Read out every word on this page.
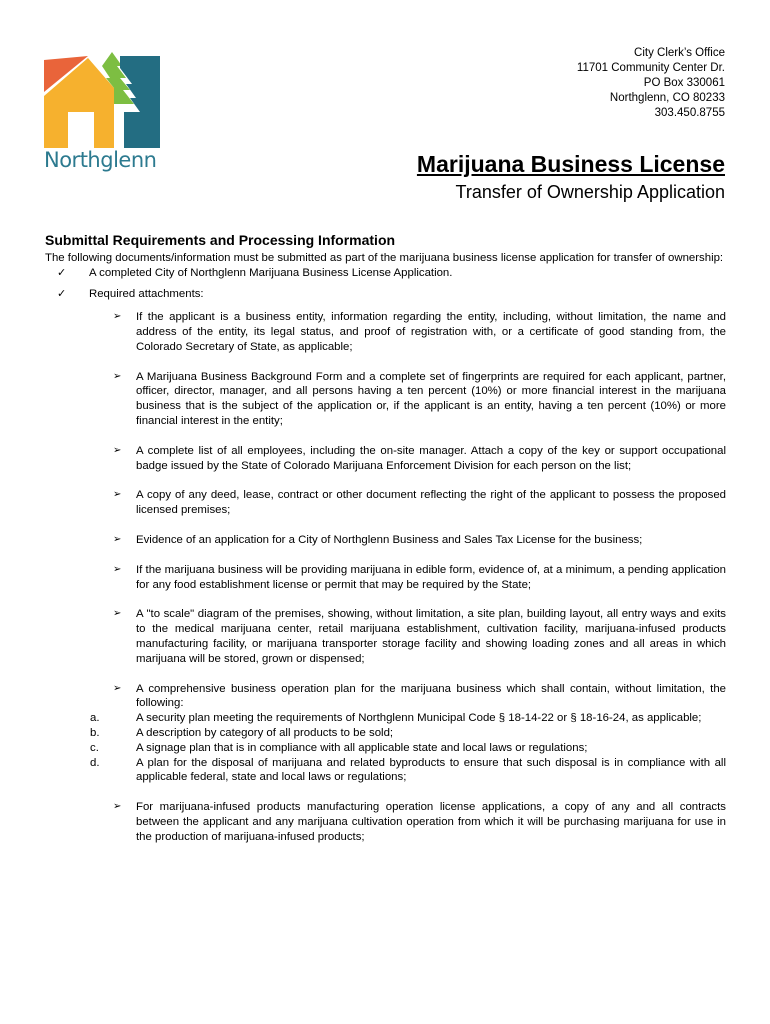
Northglenn
City Clerk’s Office
11701 Community Center Dr.
PO Box 330061
Northglenn, CO 80233
303.450.8755
Marijuana Business License
Transfer of Ownership Application

Submittal Requirements and Processing Information

The following documents/information must be submitted as part of the marijuana business license application for transfer of ownership:

✓ A completed City of Northglenn Marijuana Business License Application.

✓ Required attachments:

➢ If the applicant is a business entity, information regarding the entity, including, without limitation, the name and address of the entity, its legal status, and proof of registration with, or a certificate of good standing from, the Colorado Secretary of State, as applicable;
➢ A Marijuana Business Background Form and a complete set of fingerprints are required for each applicant, partner, officer, director, manager, and all persons having a ten percent (10%) or more financial interest in the marijuana business that is the subject of the application or, if the applicant is an entity, having a ten percent (10%) or more financial interest in the entity;
➢ A complete list of all employees, including the on-site manager. Attach a copy of the key or support occupational badge issued by the State of Colorado Marijuana Enforcement Division for each person on the list;
➢ A copy of any deed, lease, contract or other document reflecting the right of the applicant to possess the proposed licensed premises;
➢ Evidence of an application for a City of Northglenn Business and Sales Tax License for the business;
➢ If the marijuana business will be providing marijuana in edible form, evidence of, at a minimum, a pending application for any food establishment license or permit that may be required by the State;
➢ A "to scale" diagram of the premises, showing, without limitation, a site plan, building layout, all entry ways and exits to the medical marijuana center, retail marijuana establishment, cultivation facility, marijuana-infused products manufacturing facility, or marijuana transporter storage facility and showing loading zones and all areas in which marijuana will be stored, grown or dispensed;
➢ A comprehensive business operation plan for the marijuana business which shall contain, without limitation, the following:
a.	A security plan meeting the requirements of Northglenn Municipal Code § 18-14-22 or § 18-16-24, as applicable;
b.	A description by category of all products to be sold;
c.	A signage plan that is in compliance with all applicable state and local laws or regulations;
d.	A plan for the disposal of marijuana and related byproducts to ensure that such disposal is in compliance with all applicable federal, state and local laws or regulations;
➢ For marijuana-infused products manufacturing operation license applications, a copy of any and all contracts between the applicant and any marijuana cultivation operation from which it will be purchasing marijuana for use in the production of marijuana-infused products;
